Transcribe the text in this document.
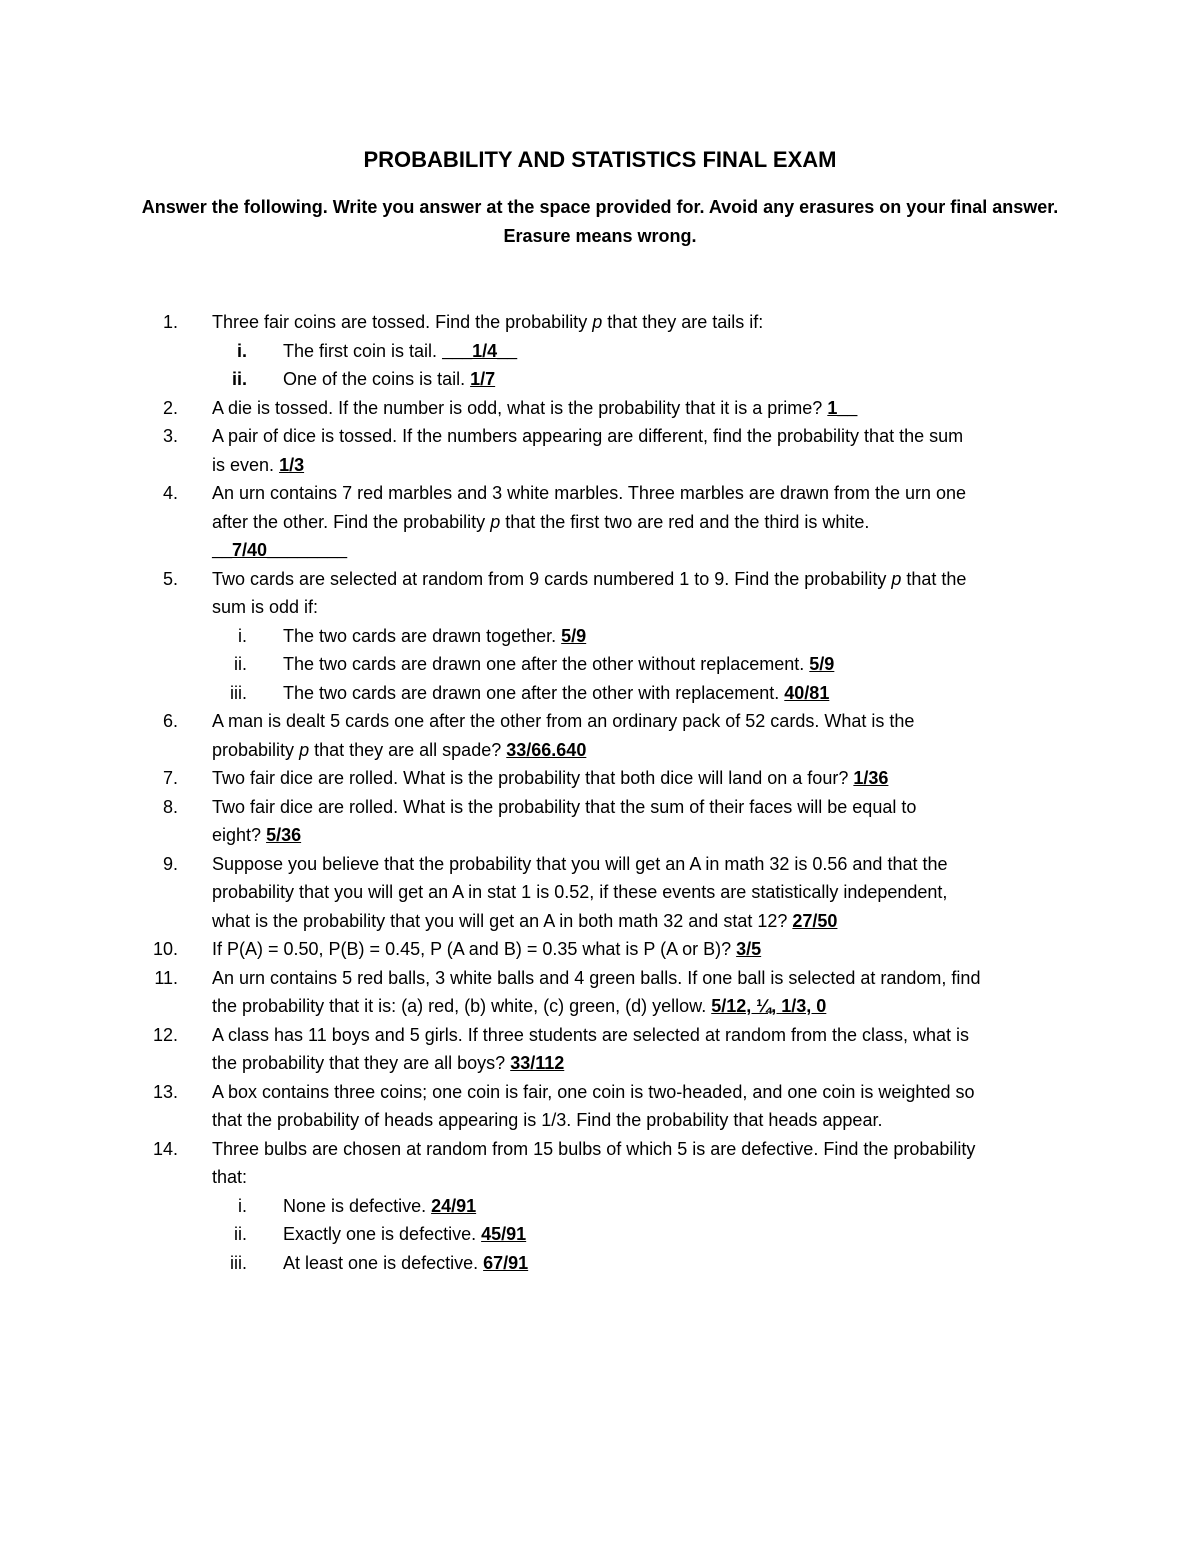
PROBABILITY AND STATISTICS FINAL EXAM

Answer the following. Write you answer at the space provided for. Avoid any erasures on your final answer. Erasure means wrong.

1. Three fair coins are tossed. Find the probability p that they are tails if:
i. The first coin is tail. ___1/4__
ii. One of the coins is tail. 1/7
2. A die is tossed. If the number is odd, what is the probability that it is a prime? 1__
3. A pair of dice is tossed. If the numbers appearing are different, find the probability that the sum
is even. 1/3
4. An urn contains 7 red marbles and 3 white marbles. Three marbles are drawn from the urn one
after the other. Find the probability p that the first two are red and the third is white.
__7/40________
5. Two cards are selected at random from 9 cards numbered 1 to 9. Find the probability p that the
sum is odd if:
i. The two cards are drawn together. 5/9
ii. The two cards are drawn one after the other without replacement. 5/9
iii. The two cards are drawn one after the other with replacement. 40/81
6. A man is dealt 5 cards one after the other from an ordinary pack of 52 cards. What is the
probability p that they are all spade? 33/66.640
7. Two fair dice are rolled. What is the probability that both dice will land on a four? 1/36
8. Two fair dice are rolled. What is the probability that the sum of their faces will be equal to
eight? 5/36
9. Suppose you believe that the probability that you will get an A in math 32 is 0.56 and that the
probability that you will get an A in stat 1 is 0.52, if these events are statistically independent,
what is the probability that you will get an A in both math 32 and stat 12? 27/50
10. If P(A) = 0.50, P(B) = 0.45, P (A and B) = 0.35 what is P (A or B)? 3/5
11. An urn contains 5 red balls, 3 white balls and 4 green balls. If one ball is selected at random, find
the probability that it is: (a) red, (b) white, (c) green, (d) yellow. 5/12, ¼, 1/3, 0
12. A class has 11 boys and 5 girls. If three students are selected at random from the class, what is
the probability that they are all boys? 33/112
13. A box contains three coins; one coin is fair, one coin is two-headed, and one coin is weighted so
that the probability of heads appearing is 1/3. Find the probability that heads appear.
14. Three bulbs are chosen at random from 15 bulbs of which 5 is are defective. Find the probability
that:
i. None is defective. 24/91
ii. Exactly one is defective. 45/91
iii. At least one is defective. 67/91
